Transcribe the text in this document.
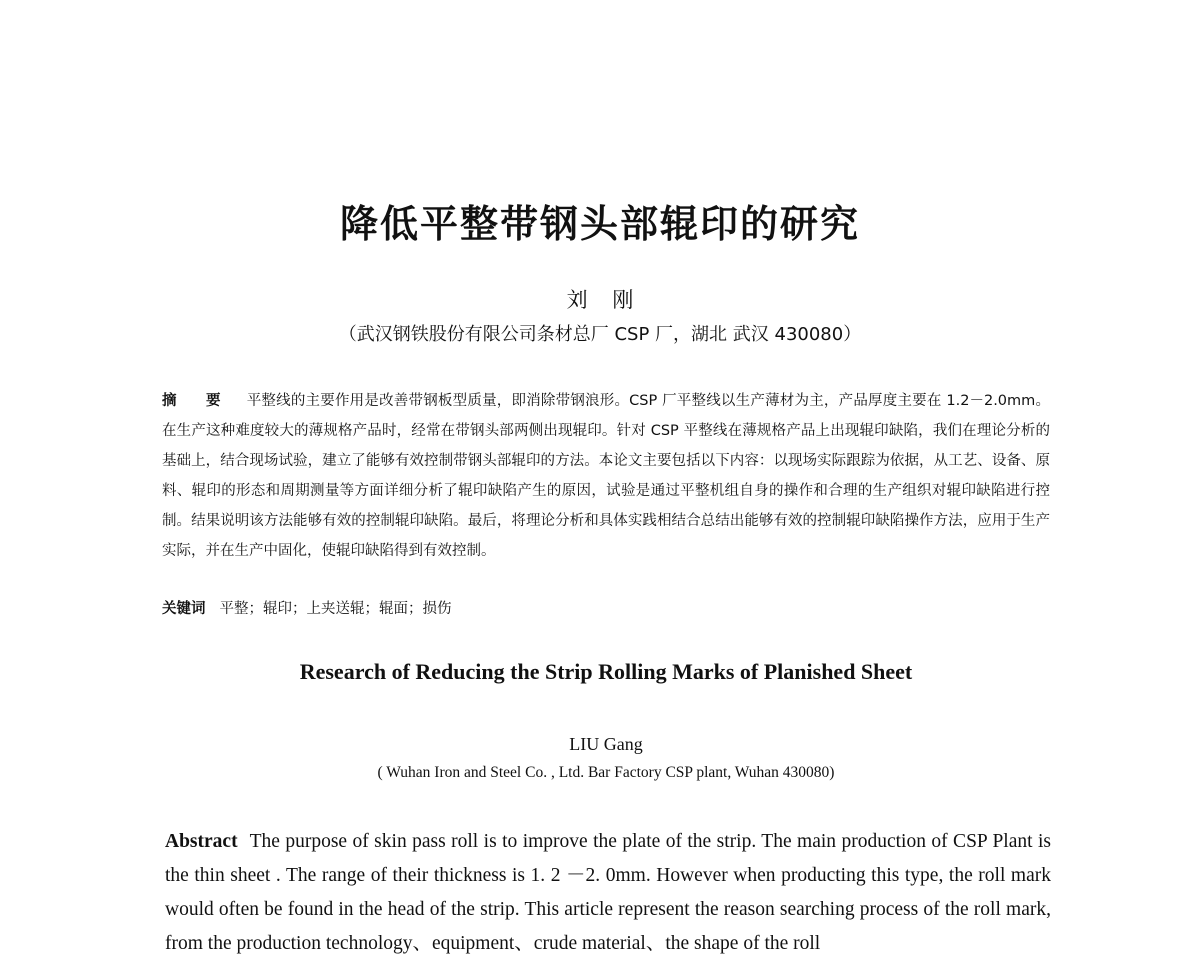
降低平整带钢头部辊印的研究
刘 刚
（武汉钢铁股份有限公司条材总厂 CSP 厂，湖北 武汉 430080）
摘 要 平整线的主要作用是改善带钢板型质量，即消除带钢浪形。CSP 厂平整线以生产薄材为主，产品厚度主要在 1.2－2.0mm。在生产这种难度较大的薄规格产品时，经常在带钢头部两侧出现辊印。针对 CSP 平整线在薄规格产品上出现辊印缺陷，我们在理论分析的基础上，结合现场试验，建立了能够有效控制带钢头部辊印的方法。本论文主要包括以下内容：以现场实际跟踪为依据，从工艺、设备、原料、辊印的形态和周期测量等方面详细分析了辊印缺陷产生的原因，试验是通过平整机组自身的操作和合理的生产组织对辊印缺陷进行控制。结果说明该方法能够有效的控制辊印缺陷。最后，将理论分析和具体实践相结合总结出能够有效的控制辊印缺陷操作方法，应用于生产实际，并在生产中固化，使辊印缺陷得到有效控制。
关键词 平整；辊印；上夹送辊；辊面；损伤
Research of Reducing the Strip Rolling Marks of Planished Sheet
LIU Gang
( Wuhan Iron and Steel Co. , Ltd. Bar Factory CSP plant, Wuhan 430080)
Abstract The purpose of skin pass roll is to improve the plate of the strip. The main production of CSP Plant is the thin sheet . The range of their thickness is 1. 2 －2. 0mm. However when producting this type, the roll mark would often be found in the head of the strip. This article represent the reason searching process of the roll mark, from the production technology、equipment、crude material、the shape of the roll
